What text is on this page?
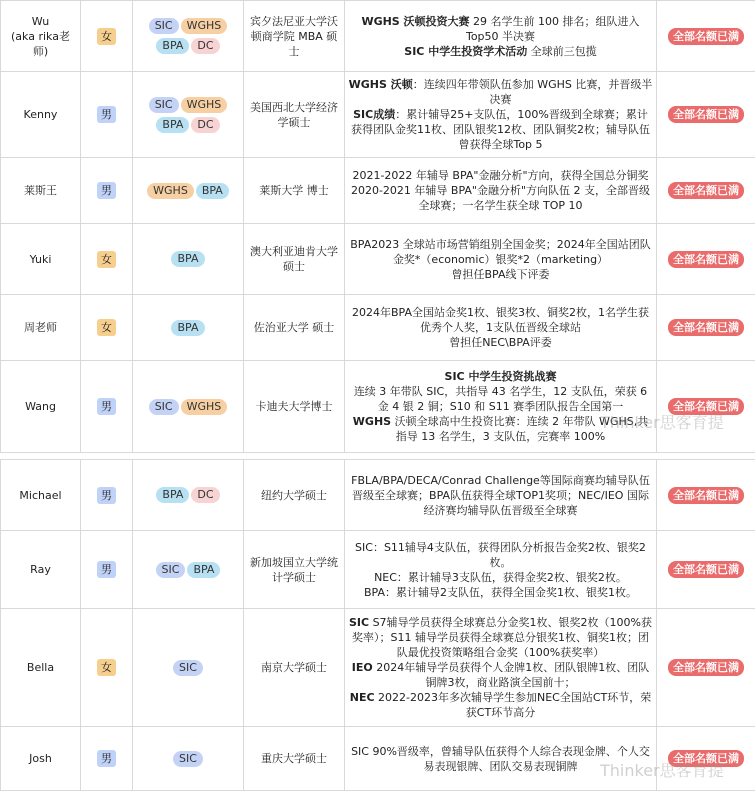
Wu
(aka rika老师)	女	SIC WGHS
BPA DC	宾夕法尼亚大学沃顿商学院 MBA 硕士	WGHS 沃顿投资大赛 29 名学生前 100 排名；组队进入Top50 半决赛
SIC 中学生投资学术活动 全球前三包揽	全部名额已满
Kenny	男	SIC WGHS
BPA DC	美国西北大学经济学硕士	WGHS 沃顿：连续四年带领队伍参加 WGHS 比赛，并晋级半决赛
SIC成绩：累计辅导25+支队伍，100%晋级到全球赛；累计获得团队金奖11枚、团队银奖12枚、团队铜奖2枚；辅导队伍曾获得全球Top 5	全部名额已满
莱斯王	男	WGHS BPA	莱斯大学 博士	2021-2022 年辅导 BPA"金融分析"方向，获得全国总分铜奖 2020-2021 年辅导 BPA"金融分析"方向队伍 2 支，全部晋级全球赛；一名学生获全球 TOP 10	全部名额已满
Yuki	女	BPA	澳大利亚迪肯大学硕士	BPA2023 全球站市场营销组别全国金奖；2024年全国站团队金奖*（economic）银奖*2（marketing）
曾担任BPA线下评委	全部名额已满
周老师	女	BPA	佐治亚大学 硕士	2024年BPA全国站金奖1枚、银奖3枚、铜奖2枚，1名学生获优秀个人奖，1支队伍晋级全球站
曾担任NEC\BPA评委	全部名额已满
Wang	男	SIC WGHS	卡迪夫大学博士	SIC 中学生投资挑战赛
连续 3 年带队 SIC，共指导 43 名学生，12 支队伍，荣获 6 金 4 银 2 铜；S10 和 S11 赛季团队报告全国第一
WGHS 沃顿全球高中生投资比赛：连续 2 年带队 WGHS,共指导 13 名学生，3 支队伍，完赛率 100%	全部名额已满

Michael	男	BPA DC	纽约大学硕士	FBLA/BPA/DECA/Conrad Challenge等国际商赛均辅导队伍晋级至全球赛；BPA队伍获得全球TOP1奖项；NEC/IEO 国际经济赛均辅导队伍晋级至全球赛	全部名额已满
Ray	男	SIC BPA	新加坡国立大学统计学硕士	SIC：S11辅导4支队伍，获得团队分析报告金奖2枚、银奖2枚。
NEC：累计辅导3支队伍，获得金奖2枚、银奖2枚。
BPA：累计辅导2支队伍，获得全国金奖1枚、银奖1枚。	全部名额已满
Bella	女	SIC	南京大学硕士	SIC S7辅导学员获得全球赛总分金奖1枚、银奖2枚（100%获奖率）；S11 辅导学员获得全球赛总分银奖1枚、铜奖1枚；团队最优投资策略组合金奖（100%获奖率）
IEO 2024年辅导学员获得个人金牌1枚、团队银牌1枚、团队铜牌3枚，商业路演全国前十；
NEC 2022-2023年多次辅导学生参加NEC全国站CT环节，荣获CT环节高分	全部名额已满
Josh	男	SIC	重庆大学硕士	SIC 90%晋级率，曾辅导队伍获得个人综合表现金牌、个人交易表现银牌、团队交易表现铜牌	全部名额已满
Thinker思客育提
Thinker思客育提
